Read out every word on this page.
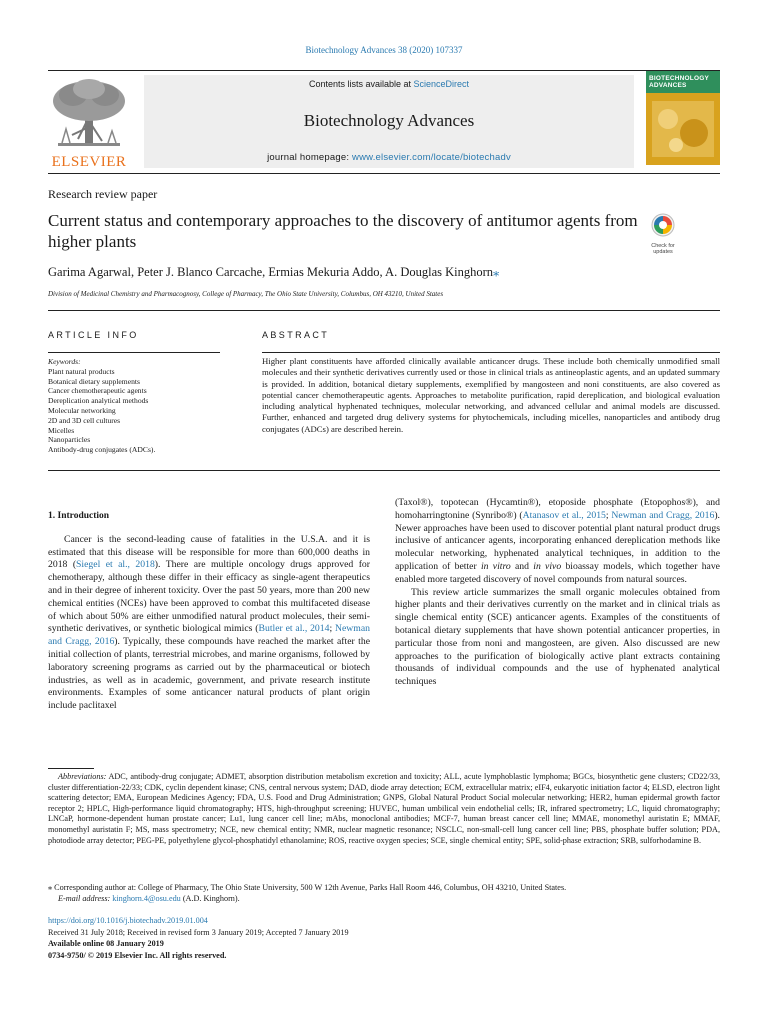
Biotechnology Advances 38 (2020) 107337
ELSEVIER
Contents lists available at ScienceDirect
Biotechnology Advances
journal homepage: www.elsevier.com/locate/biotechadv
BIOTECHNOLOGY ADVANCES
Research review paper
Current status and contemporary approaches to the discovery of antitumor agents from higher plants	Check for updates
Garima Agarwal, Peter J. Blanco Carcache, Ermias Mekuria Addo, A. Douglas Kinghorn⁎
Division of Medicinal Chemistry and Pharmacognosy, College of Pharmacy, The Ohio State University, Columbus, OH 43210, United States
ARTICLE INFO	ABSTRACT
Keywords:
Plant natural products
Botanical dietary supplements
Cancer chemotherapeutic agents
Dereplication analytical methods
Molecular networking
2D and 3D cell cultures
Micelles
Nanoparticles
Antibody-drug conjugates (ADCs).
Higher plant constituents have afforded clinically available anticancer drugs. These include both chemically unmodified small molecules and their synthetic derivatives currently used or those in clinical trials as antineoplastic agents, and an updated summary is provided. In addition, botanical dietary supplements, exemplified by mangosteen and noni constituents, are also covered as potential cancer chemotherapeutic agents. Approaches to metabolite purification, rapid dereplication, and biological evaluation including analytical hyphenated techniques, molecular networking, and advanced cellular and animal models are discussed. Further, enhanced and targeted drug delivery systems for phytochemicals, including micelles, nanoparticles and antibody drug conjugates (ADCs) are described herein.
1. Introduction

Cancer is the second-leading cause of fatalities in the U.S.A. and it is estimated that this disease will be responsible for more than 600,000 deaths in 2018 (Siegel et al., 2018). There are multiple oncology drugs approved for chemotherapy, although these differ in their efficacy as single-agent therapeutics and in their degree of inherent toxicity. Over the past 50 years, more than 200 new chemical entities (NCEs) have been approved to combat this multifaceted disease of which about 50% are either unmodified natural product molecules, their semi-synthetic derivatives, or synthetic biological mimics (Butler et al., 2014; Newman and Cragg, 2016). Typically, these compounds have reached the market after the initial collection of plants, terrestrial microbes, and marine organisms, followed by laboratory screening programs as carried out by the pharmaceutical or biotech industries, as well as in academic, government, and private research institute environments. Examples of some anticancer natural products of plant origin include paclitaxel

(Taxol®), topotecan (Hycamtin®), etoposide phosphate (Etopophos®), and homoharringtonine (Synribo®) (Atanasov et al., 2015; Newman and Cragg, 2016). Newer approaches have been used to discover potential plant natural product drugs inclusive of anticancer agents, incorporating enhanced dereplication methods like molecular networking, hyphenated analytical techniques, in addition to the application of better in vitro and in vivo bioassay models, which together have enabled more targeted discovery of novel compounds from natural sources.

This review article summarizes the small organic molecules obtained from higher plants and their derivatives currently on the market and in clinical trials as single chemical entity (SCE) anticancer agents. Examples of the constituents of botanical dietary supplements that have shown potential anticancer properties, in particular those from noni and mangosteen, are given. Also discussed are new approaches to the purification of biologically active plant extracts containing thousands of individual compounds and the use of hyphenated analytical techniques

Abbreviations: ADC, antibody-drug conjugate; ADMET, absorption distribution metabolism excretion and toxicity; ALL, acute lymphoblastic lymphoma; BGCs, biosynthetic gene clusters; CD22/33, cluster differentiation-22/33; CDK, cyclin dependent kinase; CNS, central nervous system; DAD, diode array detection; ECM, extracellular matrix; eIF4, eukaryotic initiation factor 4; ELSD, electron light scattering detector; EMA, European Medicines Agency; FDA, U.S. Food and Drug Administration; GNPS, Global Natural Product Social molecular networking; HER2, human epidermal growth factor receptor 2; HPLC, High-performance liquid chromatography; HTS, high-throughput screening; HUVEC, human umbilical vein endothelial cells; IR, infrared spectrometry; LC, liquid chromatography; LNCaP, hormone-dependent human prostate cancer; Lu1, lung cancer cell line; mAbs, monoclonal antibodies; MCF-7, human breast cancer cell line; MMAE, monomethyl auristatin E; MMAF, monomethyl auristatin F; MS, mass spectrometry; NCE, new chemical entity; NMR, nuclear magnetic resonance; NSCLC, non-small-cell lung cancer cell line; PBS, phosphate buffer solution; PDA, photodiode array detector; PEG-PE, polyethylene glycol-phosphatidyl ethanolamine; ROS, reactive oxygen species; SCE, single chemical entity; SPE, solid-phase extraction; SRB, sulforhodamine B.
⁎ Corresponding author at: College of Pharmacy, The Ohio State University, 500 W 12th Avenue, Parks Hall Room 446, Columbus, OH 43210, United States.
E-mail address: kinghorn.4@osu.edu (A.D. Kinghorn).
https://doi.org/10.1016/j.biotechadv.2019.01.004
Received 31 July 2018; Received in revised form 3 January 2019; Accepted 7 January 2019
Available online 08 January 2019
0734-9750/ © 2019 Elsevier Inc. All rights reserved.
